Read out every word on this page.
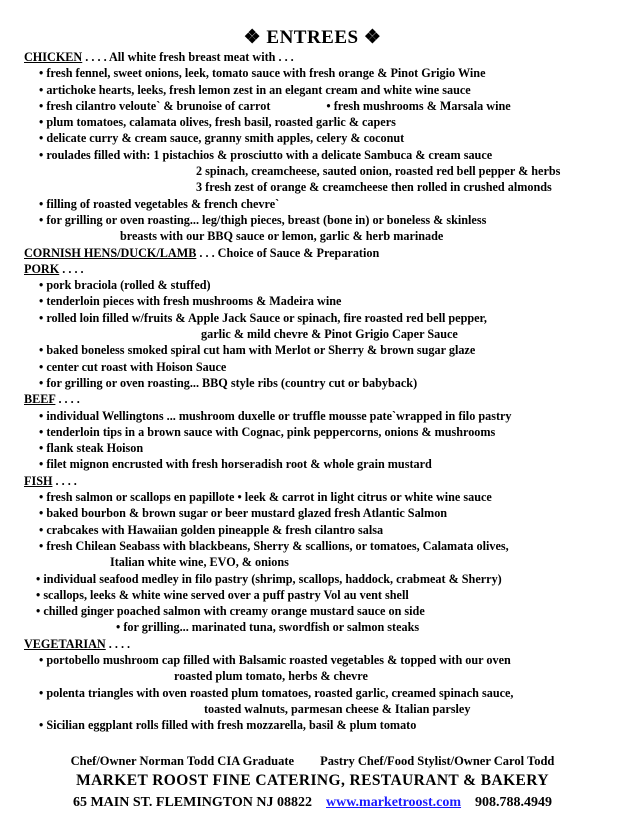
❖ ENTREES ❖
CHICKEN . . . . All white fresh breast meat with . . .
• fresh fennel, sweet onions, leek, tomato sauce with fresh orange & Pinot Grigio Wine
• artichoke hearts, leeks, fresh lemon zest in an elegant cream and white wine sauce
• fresh cilantro veloute` & brunoise of carrot	• fresh mushrooms & Marsala wine
• plum tomatoes, calamata olives, fresh basil, roasted garlic & capers
• delicate curry & cream sauce, granny smith apples, celery & coconut
• roulades filled with: 1 pistachios & prosciutto with a delicate Sambuca & cream sauce
2 spinach, creamcheese, sauted onion, roasted red bell pepper & herbs
3 fresh zest of orange & creamcheese then rolled in crushed almonds
• filling of roasted vegetables & french chevre`
• for grilling or oven roasting... leg/thigh pieces, breast (bone in) or boneless & skinless
breasts with our BBQ sauce or lemon, garlic & herb marinade
CORNISH HENS/DUCK/LAMB . . . Choice of Sauce & Preparation
PORK . . . .
• pork braciola (rolled & stuffed)
• tenderloin pieces with fresh mushrooms & Madeira wine
• rolled loin filled w/fruits & Apple Jack Sauce or spinach, fire roasted red bell pepper,
garlic & mild chevre & Pinot Grigio Caper Sauce
• baked boneless smoked spiral cut ham with Merlot or Sherry & brown sugar glaze
• center cut roast with Hoison Sauce
• for grilling or oven roasting... BBQ style ribs (country cut or babyback)
BEEF . . . .
• individual Wellingtons ... mushroom duxelle or truffle mousse pate`wrapped in filo pastry
• tenderloin tips in a brown sauce with Cognac, pink peppercorns, onions & mushrooms
• flank steak Hoison
• filet mignon encrusted with fresh horseradish root & whole grain mustard
FISH . . . .
• fresh salmon or scallops en papillote • leek & carrot in light citrus or white wine sauce
• baked bourbon & brown sugar or beer mustard glazed fresh Atlantic Salmon
• crabcakes with Hawaiian golden pineapple & fresh cilantro salsa
• fresh Chilean Seabass with blackbeans, Sherry & scallions, or tomatoes, Calamata olives,
Italian white wine, EVO, & onions
• individual seafood medley in filo pastry (shrimp, scallops, haddock, crabmeat & Sherry)
• scallops, leeks & white wine served over a puff pastry Vol au vent shell
• chilled ginger poached salmon with creamy orange mustard sauce on side
• for grilling... marinated tuna, swordfish or salmon steaks
VEGETARIAN . . . .
• portobello mushroom cap filled with Balsamic roasted vegetables & topped with our oven
roasted plum tomato, herbs & chevre
• polenta triangles with oven roasted plum tomatoes, roasted garlic, creamed spinach sauce,
toasted walnuts, parmesan cheese & Italian parsley
• Sicilian eggplant rolls filled with fresh mozzarella, basil & plum tomato
Chef/Owner Norman Todd CIA Graduate Pastry Chef/Food Stylist/Owner Carol Todd
MARKET ROOST FINE CATERING, RESTAURANT & BAKERY
65 MAIN ST. FLEMINGTON NJ 08822 www.marketroost.com 908.788.4949
